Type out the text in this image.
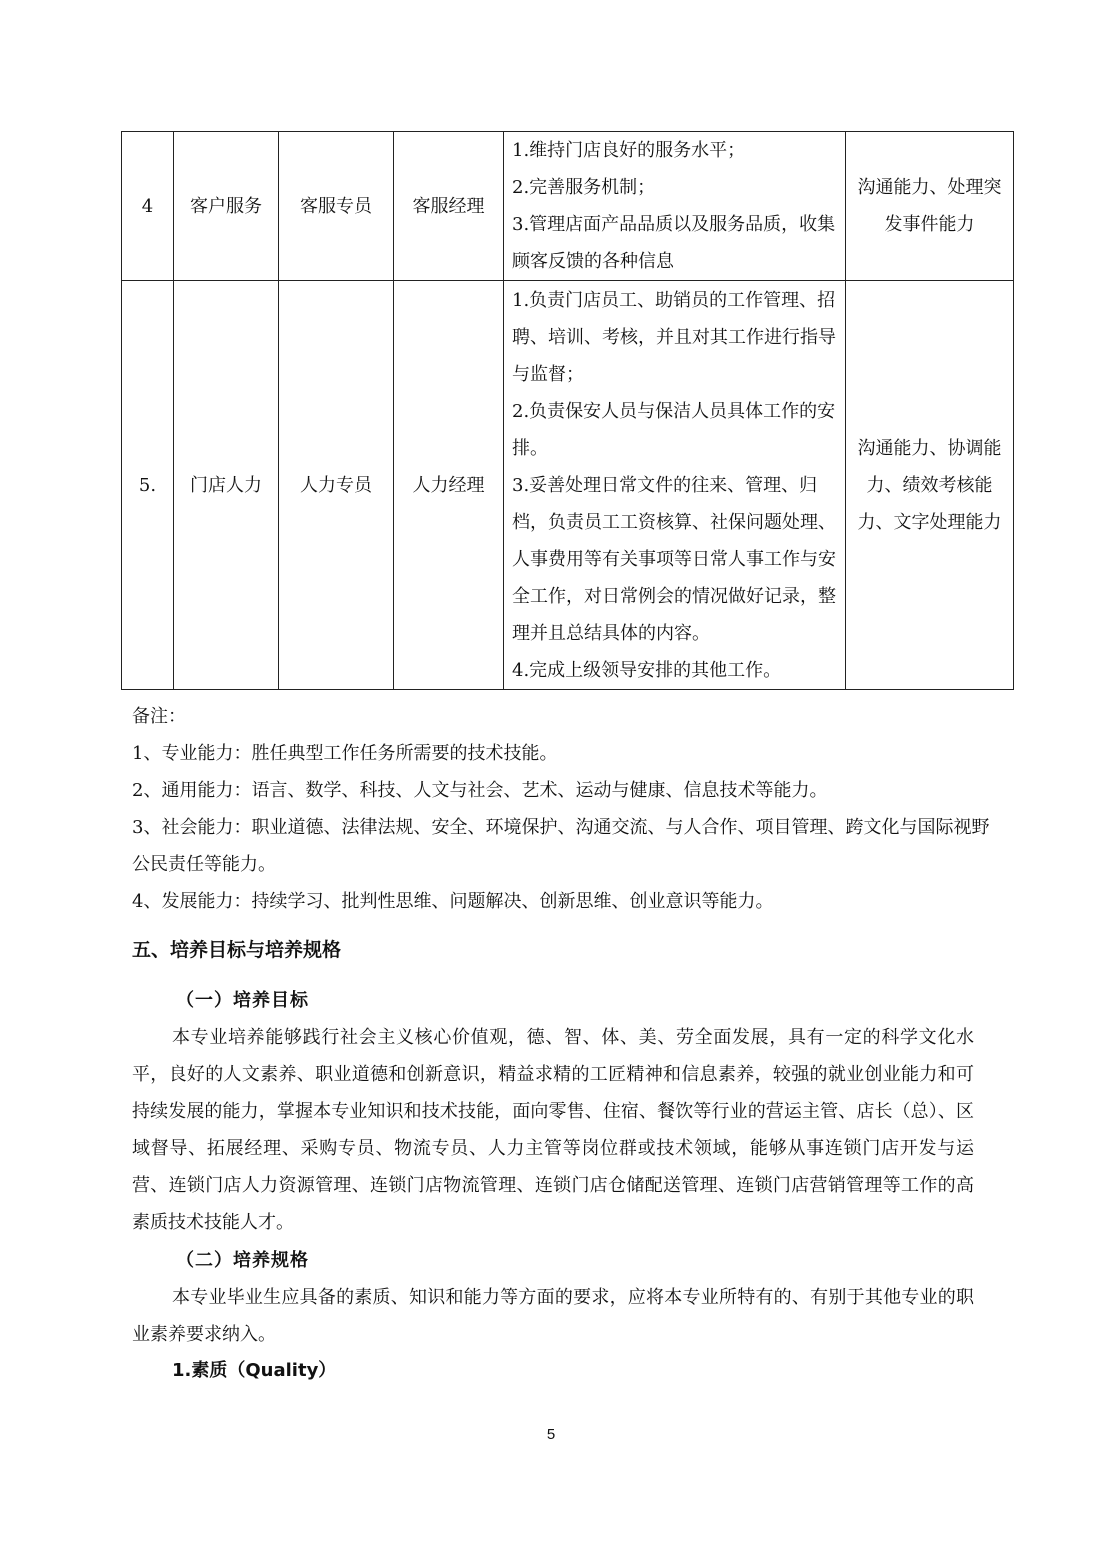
4	客户服务	客服专员	客服经理	1.维持门店良好的服务水平；
2.完善服务机制；
3.管理店面产品品质以及服务品质，收集顾客反馈的各种信息	沟通能力、处理突发事件能力
5.	门店人力	人力专员	人力经理	1.负责门店员工、助销员的工作管理、招聘、培训、考核，并且对其工作进行指导与监督；
2.负责保安人员与保洁人员具体工作的安排。
3.妥善处理日常文件的往来、管理、归档，负责员工工资核算、社保问题处理、人事费用等有关事项等日常人事工作与安全工作，对日常例会的情况做好记录，整理并且总结具体的内容。
4.完成上级领导安排的其他工作。	沟通能力、协调能力、绩效考核能力、文字处理能力

备注：

1、专业能力：胜任典型工作任务所需要的技术技能。

2、通用能力：语言、数学、科技、人文与社会、艺术、运动与健康、信息技术等能力。

3、社会能力：职业道德、法律法规、安全、环境保护、沟通交流、与人合作、项目管理、跨文化与国际视野公民责任等能力。

4、发展能力：持续学习、批判性思维、问题解决、创新思维、创业意识等能力。

五、培养目标与培养规格
（一）培养目标

本专业培养能够践行社会主义核心价值观，德、智、体、美、劳全面发展，具有一定的科学文化水平，良好的人文素养、职业道德和创新意识，精益求精的工匠精神和信息素养，较强的就业创业能力和可持续发展的能力，掌握本专业知识和技术技能，面向零售、住宿、餐饮等行业的营运主管、店长（总）、区域督导、拓展经理、采购专员、物流专员、人力主管等岗位群或技术领域，能够从事连锁门店开发与运营、连锁门店人力资源管理、连锁门店物流管理、连锁门店仓储配送管理、连锁门店营销管理等工作的高素质技术技能人才。

（二）培养规格

本专业毕业生应具备的素质、知识和能力等方面的要求，应将本专业所特有的、有别于其他专业的职业素养要求纳入。

1.素质（Quality）
5
